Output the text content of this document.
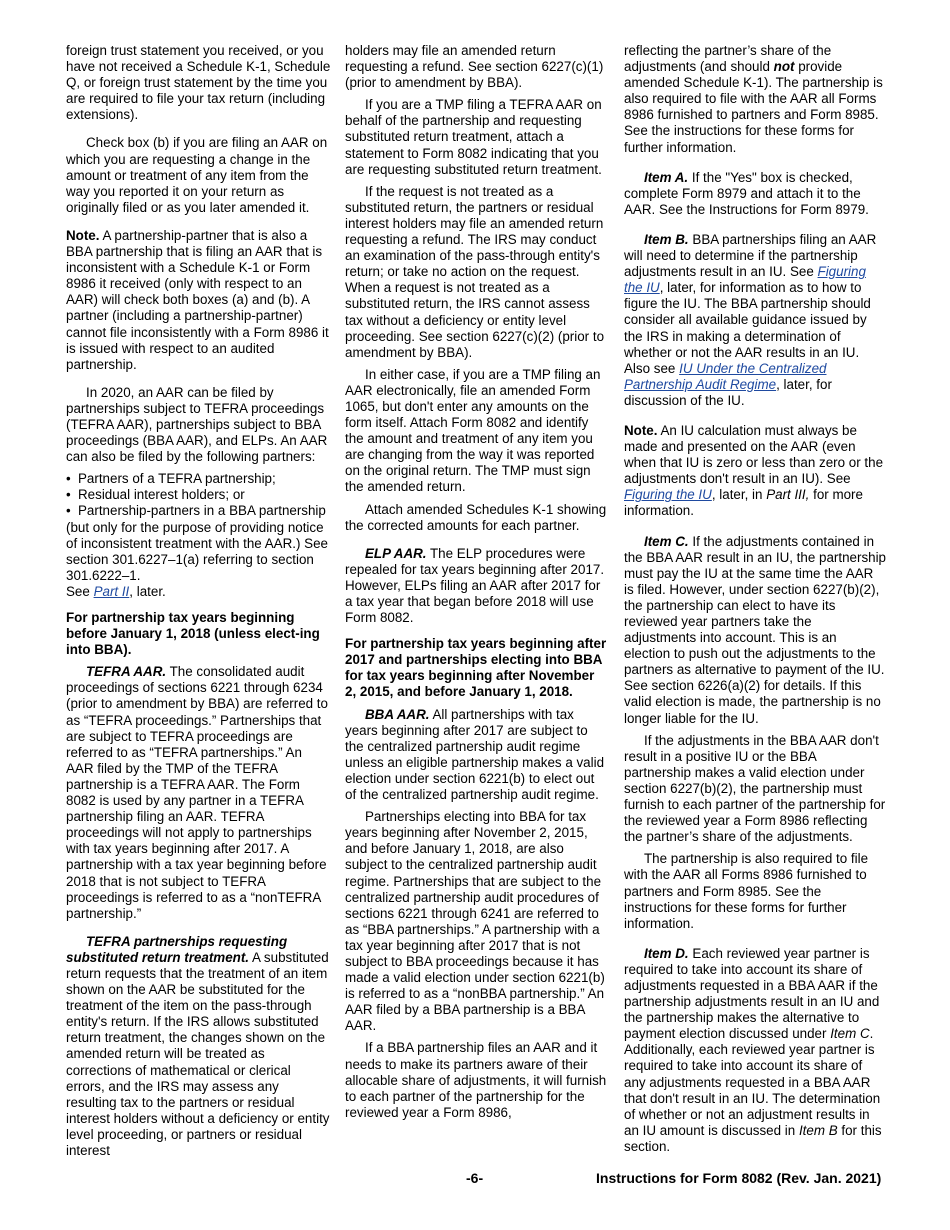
foreign trust statement you received, or you have not received a Schedule K-1, Schedule Q, or foreign trust statement by the time you are required to file your tax return (including extensions).

Check box (b) if you are filing an AAR on which you are requesting a change in the amount or treatment of any item from the way you reported it on your return as originally filed or as you later amended it.

Note. A partnership-partner that is also a BBA partnership that is filing an AAR that is inconsistent with a Schedule K-1 or Form 8986 it received (only with respect to an AAR) will check both boxes (a) and (b). A partner (including a partnership-partner) cannot file inconsistently with a Form 8986 it is issued with respect to an audited partnership.

In 2020, an AAR can be filed by partnerships subject to TEFRA proceedings (TEFRA AAR), partnerships subject to BBA proceedings (BBA AAR), and ELPs. An AAR can also be filed by the following partners:

• Partners of a TEFRA partnership;
• Residual interest holders; or
• Partnership-partners in a BBA partnership (but only for the purpose of providing notice of inconsistent treatment with the AAR.) See section 301.6227–1(a) referring to section 301.6222–1.

See Part II, later.

For partnership tax years beginning before January 1, 2018 (unless elect-ing into BBA).

TEFRA AAR. The consolidated audit proceedings of sections 6221 through 6234 (prior to amendment by BBA) are referred to as “TEFRA proceedings.” Partnerships that are subject to TEFRA proceedings are referred to as “TEFRA partnerships.” An AAR filed by the TMP of the TEFRA partnership is a TEFRA AAR. The Form 8082 is used by any partner in a TEFRA partnership filing an AAR. TEFRA proceedings will not apply to partnerships with tax years beginning after 2017. A partnership with a tax year beginning before 2018 that is not subject to TEFRA proceedings is referred to as a “nonTEFRA partnership.”

TEFRA partnerships requesting substituted return treatment. A substituted return requests that the treatment of an item shown on the AAR be substituted for the treatment of the item on the pass-through entity's return. If the IRS allows substituted return treatment, the changes shown on the amended return will be treated as corrections of mathematical or clerical errors, and the IRS may assess any resulting tax to the partners or residual interest holders without a deficiency or entity level proceeding, or partners or residual interest

holders may file an amended return requesting a refund. See section 6227(c)(1) (prior to amendment by BBA).

If you are a TMP filing a TEFRA AAR on behalf of the partnership and requesting substituted return treatment, attach a statement to Form 8082 indicating that you are requesting substituted return treatment.

If the request is not treated as a substituted return, the partners or residual interest holders may file an amended return requesting a refund. The IRS may conduct an examination of the pass-through entity's return; or take no action on the request. When a request is not treated as a substituted return, the IRS cannot assess tax without a deficiency or entity level proceeding. See section 6227(c)(2) (prior to amendment by BBA).

In either case, if you are a TMP filing an AAR electronically, file an amended Form 1065, but don't enter any amounts on the form itself. Attach Form 8082 and identify the amount and treatment of any item you are changing from the way it was reported on the original return. The TMP must sign the amended return.

Attach amended Schedules K-1 showing the corrected amounts for each partner.

ELP AAR. The ELP procedures were repealed for tax years beginning after 2017. However, ELPs filing an AAR after 2017 for a tax year that began before 2018 will use Form 8082.

For partnership tax years beginning after 2017 and partnerships electing into BBA for tax years beginning after November 2, 2015, and before January 1, 2018.

BBA AAR. All partnerships with tax years beginning after 2017 are subject to the centralized partnership audit regime unless an eligible partnership makes a valid election under section 6221(b) to elect out of the centralized partnership audit regime.

Partnerships electing into BBA for tax years beginning after November 2, 2015, and before January 1, 2018, are also subject to the centralized partnership audit regime. Partnerships that are subject to the centralized partnership audit procedures of sections 6221 through 6241 are referred to as “BBA partnerships.” A partnership with a tax year beginning after 2017 that is not subject to BBA proceedings because it has made a valid election under section 6221(b) is referred to as a “nonBBA partnership.” An AAR filed by a BBA partnership is a BBA AAR.

If a BBA partnership files an AAR and it needs to make its partners aware of their allocable share of adjustments, it will furnish to each partner of the partnership for the reviewed year a Form 8986,

reflecting the partner’s share of the adjustments (and should not provide amended Schedule K-1). The partnership is also required to file with the AAR all Forms 8986 furnished to partners and Form 8985. See the instructions for these forms for further information.

Item A. If the "Yes" box is checked, complete Form 8979 and attach it to the AAR. See the Instructions for Form 8979.

Item B. BBA partnerships filing an AAR will need to determine if the partnership adjustments result in an IU. See Figuring the IU, later, for information as to how to figure the IU. The BBA partnership should consider all available guidance issued by the IRS in making a determination of whether or not the AAR results in an IU. Also see IU Under the Centralized Partnership Audit Regime, later, for discussion of the IU.

Note. An IU calculation must always be made and presented on the AAR (even when that IU is zero or less than zero or the adjustments don't result in an IU). See Figuring the IU, later, in Part III, for more information.

Item C. If the adjustments contained in the BBA AAR result in an IU, the partnership must pay the IU at the same time the AAR is filed. However, under section 6227(b)(2), the partnership can elect to have its reviewed year partners take the adjustments into account. This is an election to push out the adjustments to the partners as alternative to payment of the IU. See section 6226(a)(2) for details. If this valid election is made, the partnership is no longer liable for the IU.

If the adjustments in the BBA AAR don't result in a positive IU or the BBA partnership makes a valid election under section 6227(b)(2), the partnership must furnish to each partner of the partnership for the reviewed year a Form 8986 reflecting the partner’s share of the adjustments.

The partnership is also required to file with the AAR all Forms 8986 furnished to partners and Form 8985. See the instructions for these forms for further information.

Item D. Each reviewed year partner is required to take into account its share of adjustments requested in a BBA AAR if the partnership adjustments result in an IU and the partnership makes the alternative to payment election discussed under Item C. Additionally, each reviewed year partner is required to take into account its share of any adjustments requested in a BBA AAR that don't result in an IU. The determination of whether or not an adjustment results in an IU amount is discussed in Item B for this section.

-6-	Instructions for Form 8082 (Rev. Jan. 2021)
